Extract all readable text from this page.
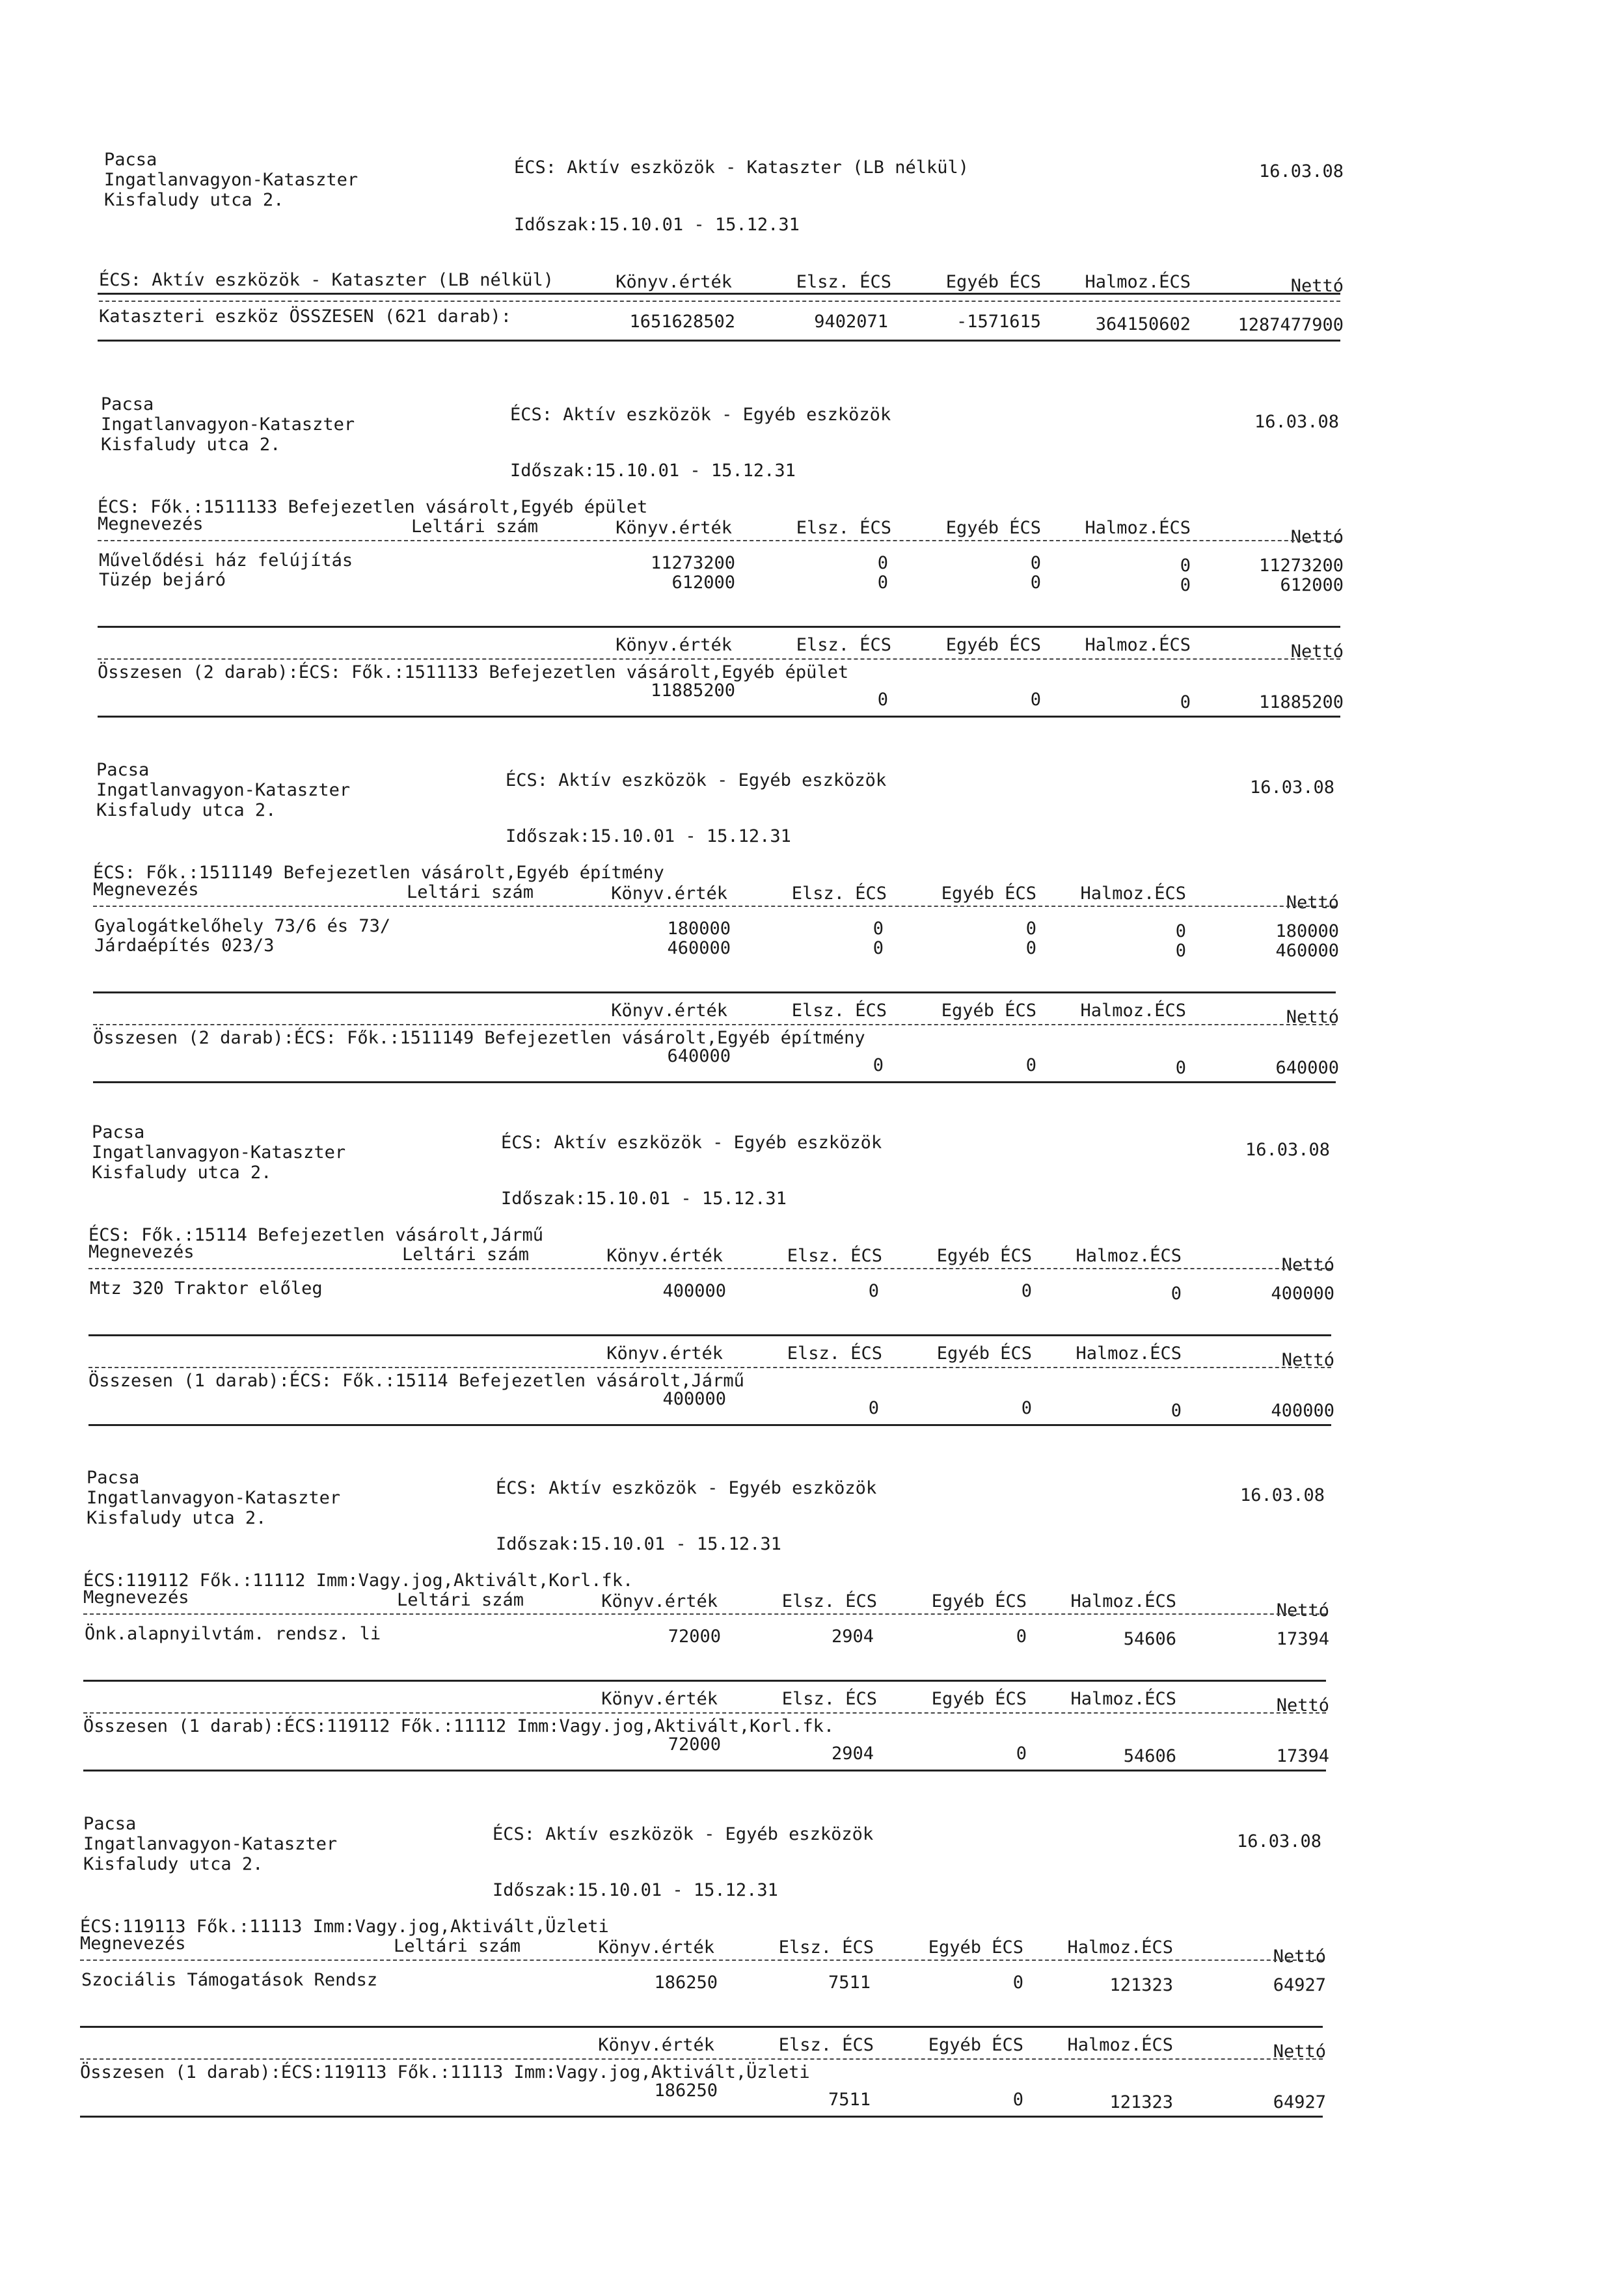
Pacsa
Ingatlanvagyon-Kataszter
Kisfaludy utca 2.
ÉCS: Aktív eszközök - Kataszter (LB nélkül)	16.03.08
Időszak:15.10.01 - 15.12.31
ÉCS: Aktív eszközök - Kataszter (LB nélkül)	Könyv.érték	Elsz. ÉCS	Egyéb ÉCS	Halmoz.ÉCS	Nettó
Kataszteri eszköz ÖSSZESEN (621 darab):	1651628502	9402071	-1571615	364150602	1287477900
Pacsa
Ingatlanvagyon-Kataszter
Kisfaludy utca 2.
ÉCS: Aktív eszközök - Egyéb eszközök	16.03.08
Időszak:15.10.01 - 15.12.31
ÉCS: Fők.:1511133 Befejezetlen vásárolt,Egyéb épület
Megnevezés	Leltári szám	Könyv.érték	Elsz. ÉCS	Egyéb ÉCS	Halmoz.ÉCS	Nettó
Művelődési ház felújítás	11273200	0	0	0	11273200
Tüzép bejáró	612000	0	0	0	612000
Könyv.érték	Elsz. ÉCS	Egyéb ÉCS	Halmoz.ÉCS	Nettó
Összesen (2 darab):ÉCS: Fők.:1511133 Befejezetlen vásárolt,Egyéb épület
11885200	0	0	0	11885200
Pacsa
Ingatlanvagyon-Kataszter
Kisfaludy utca 2.
ÉCS: Aktív eszközök - Egyéb eszközök	16.03.08
Időszak:15.10.01 - 15.12.31
ÉCS: Fők.:1511149 Befejezetlen vásárolt,Egyéb építmény
Megnevezés	Leltári szám	Könyv.érték	Elsz. ÉCS	Egyéb ÉCS	Halmoz.ÉCS	Nettó
Gyalogátkelőhely 73/6 és 73/	180000	0	0	0	180000
Járdaépítés 023/3	460000	0	0	0	460000
Könyv.érték	Elsz. ÉCS	Egyéb ÉCS	Halmoz.ÉCS	Nettó
Összesen (2 darab):ÉCS: Fők.:1511149 Befejezetlen vásárolt,Egyéb építmény
640000	0	0	0	640000
Pacsa
Ingatlanvagyon-Kataszter
Kisfaludy utca 2.
ÉCS: Aktív eszközök - Egyéb eszközök	16.03.08
Időszak:15.10.01 - 15.12.31
ÉCS: Fők.:15114 Befejezetlen vásárolt,Jármű
Megnevezés	Leltári szám	Könyv.érték	Elsz. ÉCS	Egyéb ÉCS	Halmoz.ÉCS	Nettó
Mtz 320 Traktor előleg	400000	0	0	0	400000
Könyv.érték	Elsz. ÉCS	Egyéb ÉCS	Halmoz.ÉCS	Nettó
Összesen (1 darab):ÉCS: Fők.:15114 Befejezetlen vásárolt,Jármű
400000	0	0	0	400000
Pacsa
Ingatlanvagyon-Kataszter
Kisfaludy utca 2.
ÉCS: Aktív eszközök - Egyéb eszközök	16.03.08
Időszak:15.10.01 - 15.12.31
ÉCS:119112 Fők.:11112 Imm:Vagy.jog,Aktivált,Korl.fk.
Megnevezés	Leltári szám	Könyv.érték	Elsz. ÉCS	Egyéb ÉCS	Halmoz.ÉCS	Nettó
Önk.alapnyilvtám. rendsz. li	72000	2904	0	54606	17394
Könyv.érték	Elsz. ÉCS	Egyéb ÉCS	Halmoz.ÉCS	Nettó
Összesen (1 darab):ÉCS:119112 Fők.:11112 Imm:Vagy.jog,Aktivált,Korl.fk.
72000	2904	0	54606	17394
Pacsa
Ingatlanvagyon-Kataszter
Kisfaludy utca 2.
ÉCS: Aktív eszközök - Egyéb eszközök	16.03.08
Időszak:15.10.01 - 15.12.31
ÉCS:119113 Fők.:11113 Imm:Vagy.jog,Aktivált,Üzleti
Megnevezés	Leltári szám	Könyv.érték	Elsz. ÉCS	Egyéb ÉCS	Halmoz.ÉCS	Nettó
Szociális Támogatások Rendsz	186250	7511	0	121323	64927
Könyv.érték	Elsz. ÉCS	Egyéb ÉCS	Halmoz.ÉCS	Nettó
Összesen (1 darab):ÉCS:119113 Fők.:11113 Imm:Vagy.jog,Aktivált,Üzleti
186250	7511	0	121323	64927
